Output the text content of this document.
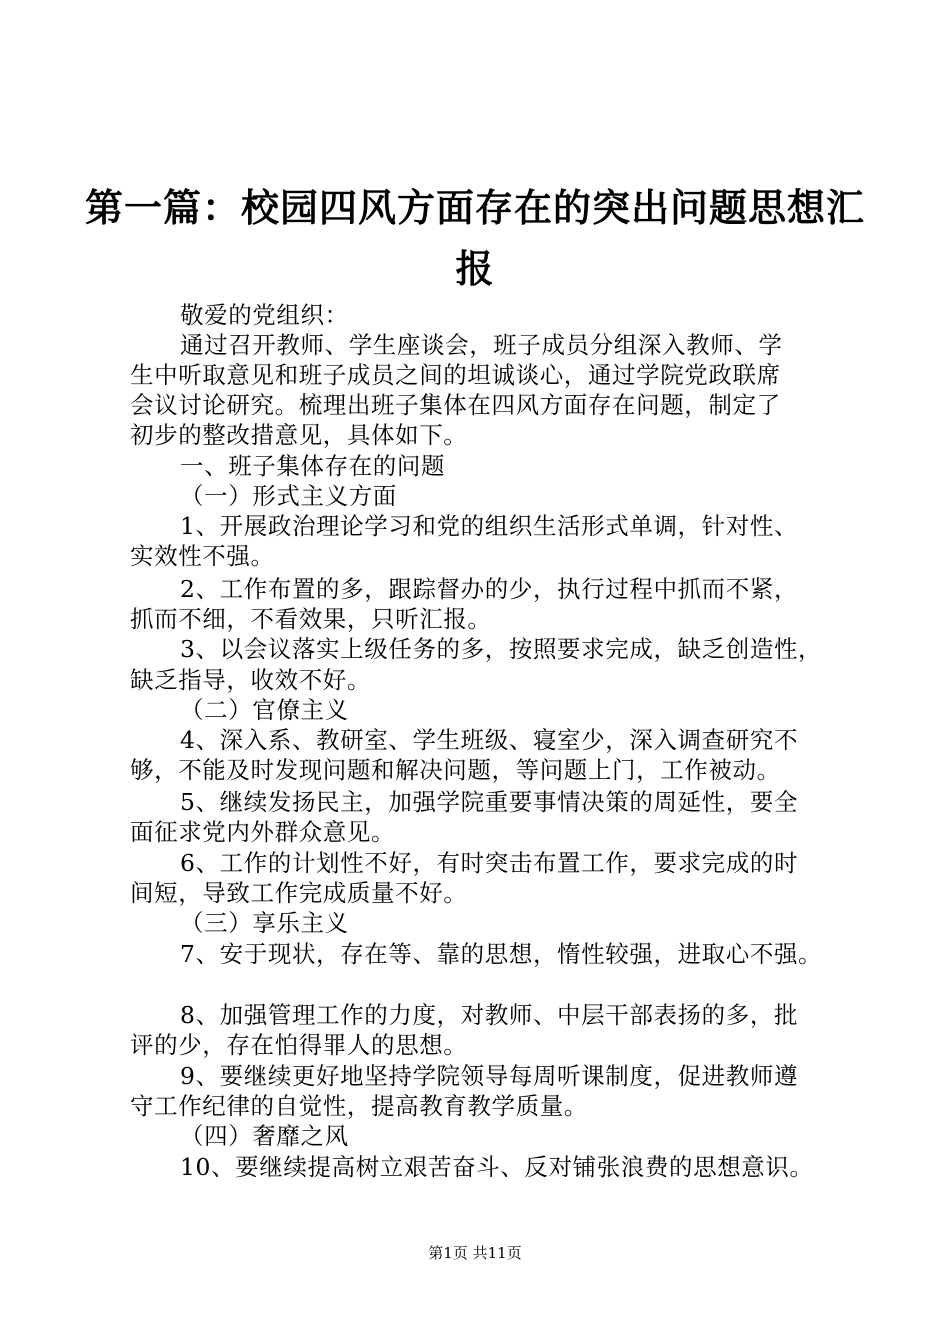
第一篇：校园四风方面存在的突出问题思想汇
报
敬爱的党组织：
通过召开教师、学生座谈会，班子成员分组深入教师、学
生中听取意见和班子成员之间的坦诚谈心，通过学院党政联席
会议讨论研究。梳理出班子集体在四风方面存在问题，制定了
初步的整改措意见，具体如下。
一、班子集体存在的问题
（一）形式主义方面
1、开展政治理论学习和党的组织生活形式单调，针对性、
实效性不强。
2、工作布置的多，跟踪督办的少，执行过程中抓而不紧，
抓而不细，不看效果，只听汇报。
3、以会议落实上级任务的多，按照要求完成，缺乏创造性，
缺乏指导，收效不好。
（二）官僚主义
4、深入系、教研室、学生班级、寝室少，深入调查研究不
够，不能及时发现问题和解决问题，等问题上门，工作被动。
5、继续发扬民主，加强学院重要事情决策的周延性，要全
面征求党内外群众意见。
6、工作的计划性不好，有时突击布置工作，要求完成的时
间短，导致工作完成质量不好。
（三）享乐主义
7、安于现状，存在等、靠的思想，惰性较强，进取心不强。
8、加强管理工作的力度，对教师、中层干部表扬的多，批
评的少，存在怕得罪人的思想。
9、要继续更好地坚持学院领导每周听课制度，促进教师遵
守工作纪律的自觉性，提高教育教学质量。
（四）奢靡之风
10、要继续提高树立艰苦奋斗、反对铺张浪费的思想意识。
第1页 共11页
